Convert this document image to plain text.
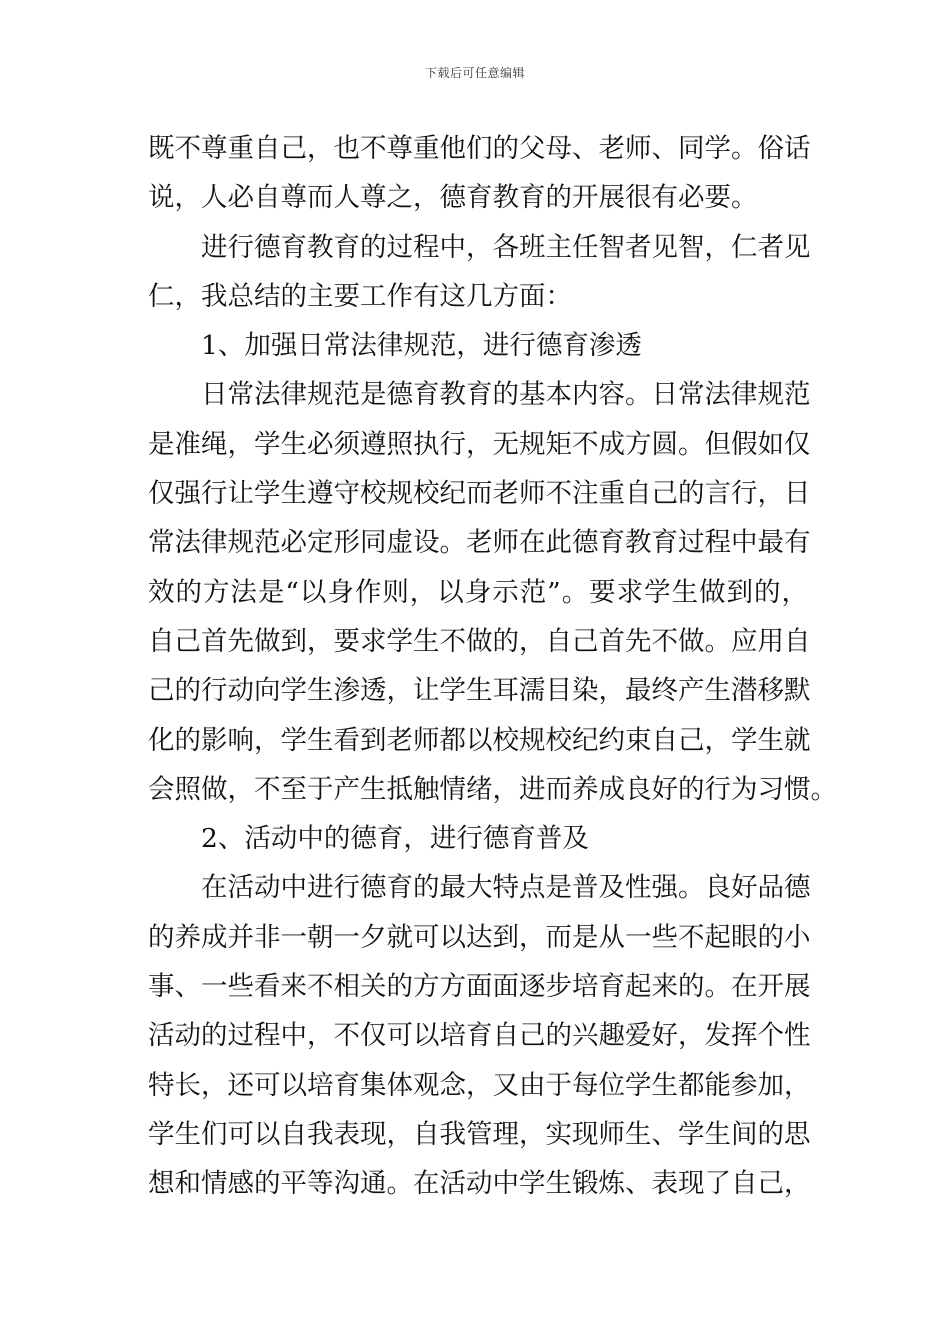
下载后可任意编辑
既不尊重自己，也不尊重他们的父母、老师、同学。俗话
说，人必自尊而人尊之，德育教育的开展很有必要。
进行德育教育的过程中，各班主任智者见智，仁者见
仁，我总结的主要工作有这几方面：
1、加强日常法律规范，进行德育渗透
日常法律规范是德育教育的基本内容。日常法律规范
是准绳，学生必须遵照执行，无规矩不成方圆。但假如仅
仅强行让学生遵守校规校纪而老师不注重自己的言行，日
常法律规范必定形同虚设。老师在此德育教育过程中最有
效的方法是“以身作则，以身示范”。要求学生做到的，
自己首先做到，要求学生不做的，自己首先不做。应用自
己的行动向学生渗透，让学生耳濡目染，最终产生潜移默
化的影响，学生看到老师都以校规校纪约束自己，学生就
会照做，不至于产生抵触情绪，进而养成良好的行为习惯。
2、活动中的德育，进行德育普及
在活动中进行德育的最大特点是普及性强。良好品德
的养成并非一朝一夕就可以达到，而是从一些不起眼的小
事、一些看来不相关的方方面面逐步培育起来的。在开展
活动的过程中，不仅可以培育自己的兴趣爱好，发挥个性
特长，还可以培育集体观念，又由于每位学生都能参加，
学生们可以自我表现，自我管理，实现师生、学生间的思
想和情感的平等沟通。在活动中学生锻炼、表现了自己，
